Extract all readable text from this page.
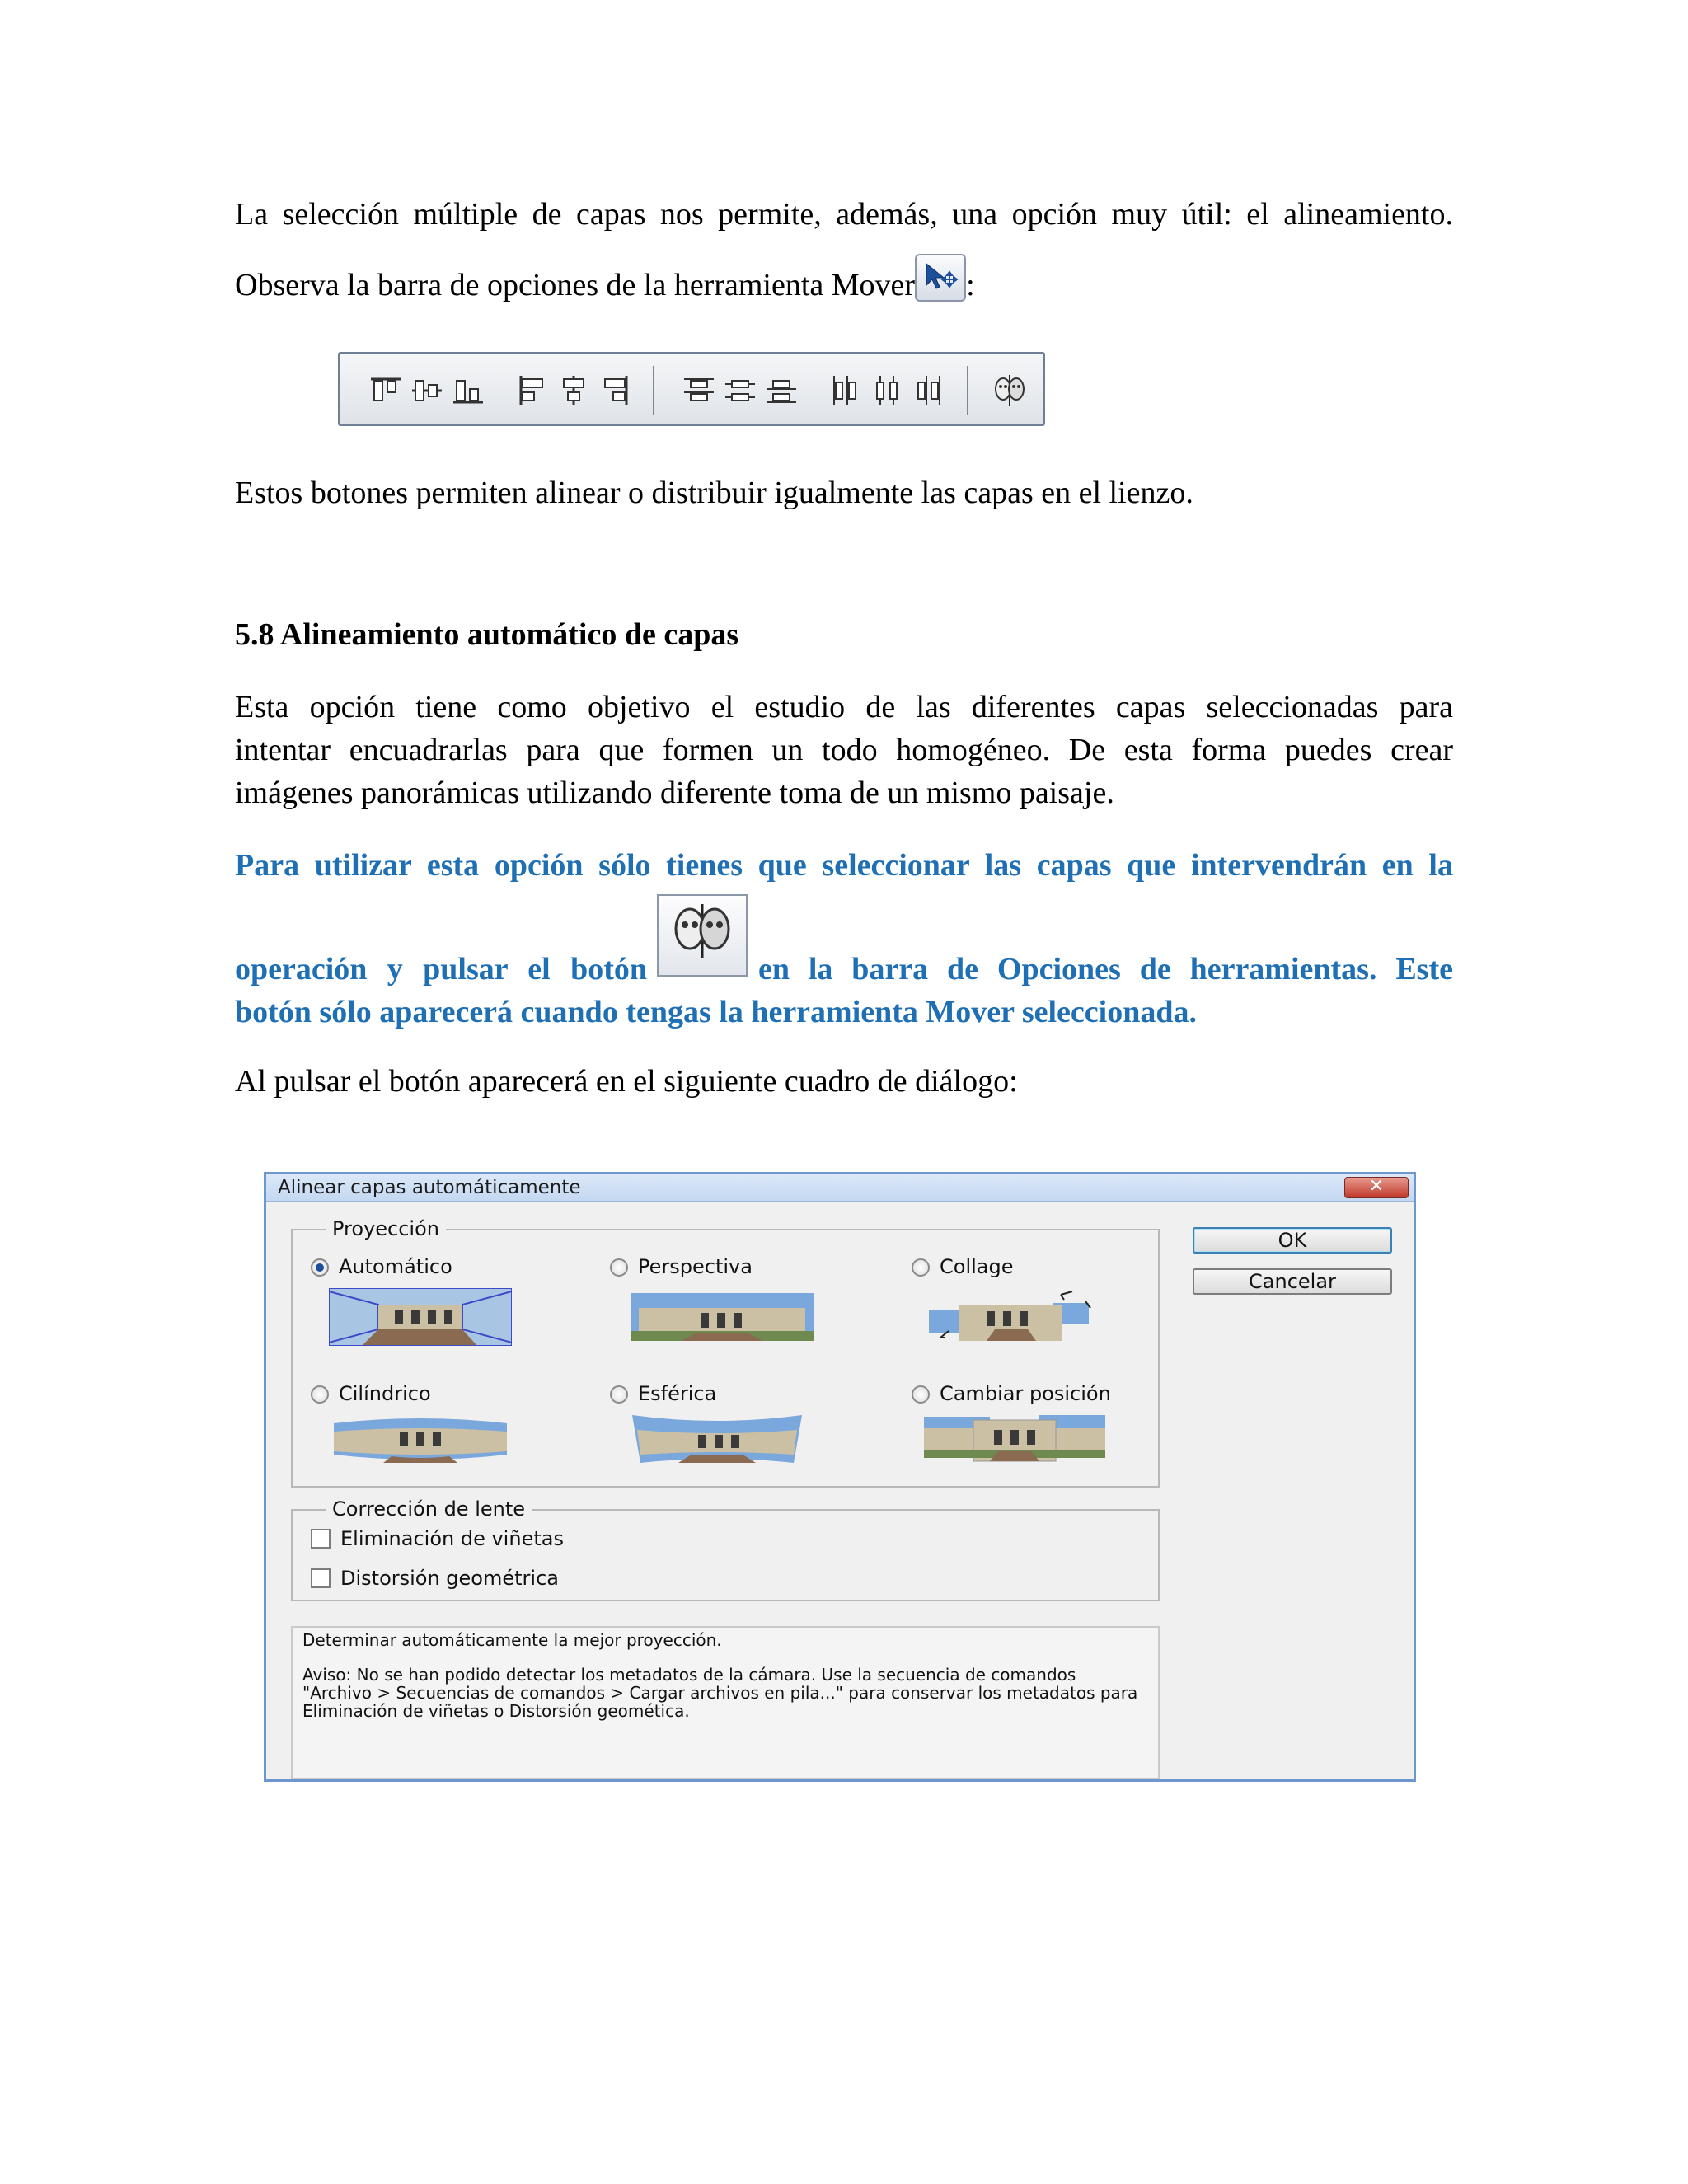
La selección múltiple de capas nos permite, además, una opción muy útil: el alineamiento.

Observa la barra de opciones de la herramienta Mover :

Estos botones permiten alinear o distribuir igualmente las capas en el lienzo.

5.8 Alineamiento automático de capas

Esta opción tiene como objetivo el estudio de las diferentes capas seleccionadas para

intentar encuadrarlas para que formen un todo homogéneo. De esta forma puedes crear

imágenes panorámicas utilizando diferente toma de un mismo paisaje.

Para utilizar esta opción sólo tienes que seleccionar las capas que intervendrán en la

operación y pulsar el botón	en la barra de Opciones de herramientas. Este

botón sólo aparecerá cuando tengas la herramienta Mover seleccionada.

Al pulsar el botón aparecerá en el siguiente cuadro de diálogo:

Alinear capas automáticamente	✕
Proyección
Automático	Perspectiva	Collage
Cilíndrico	Esférica	Cambiar posición
Corrección de lente
Eliminación de viñetas
Distorsión geométrica
OK
Cancelar

Determinar automáticamente la mejor proyección.

Aviso: No se han podido detectar los metadatos de la cámara. Use la secuencia de comandos "Archivo > Secuencias de comandos > Cargar archivos en pila..." para conservar los metadatos para Eliminación de viñetas o Distorsión geomética.
